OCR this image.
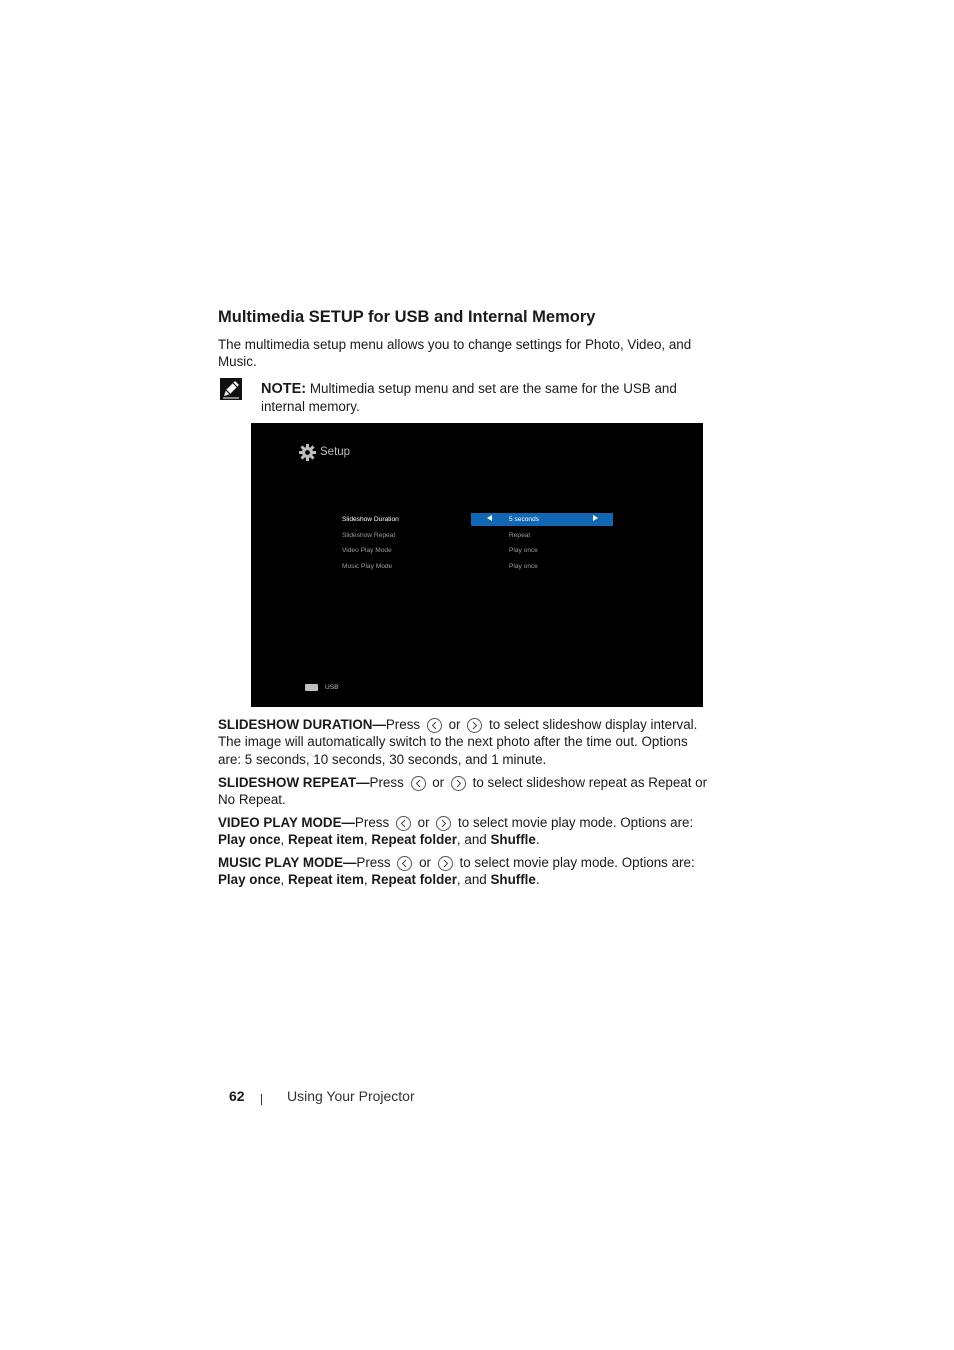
Multimedia SETUP for USB and Internal Memory
The multimedia setup menu allows you to change settings for Photo, Video, and Music.
NOTE: Multimedia setup menu and set are the same for the USB and internal memory.
Setup
Slideshow Duration	5 seconds
Slideshow Repeat	Repeat
Video Play Mode	Play once
Music Play Mode	Play once
USB
SLIDESHOW DURATION—Press or to select slideshow display interval. The image will automatically switch to the next photo after the time out. Options are: 5 seconds, 10 seconds, 30 seconds, and 1 minute.
SLIDESHOW REPEAT—Press or to select slideshow repeat as Repeat or No Repeat.
VIDEO PLAY MODE—Press or to select movie play mode. Options are: Play once, Repeat item, Repeat folder, and Shuffle.
MUSIC PLAY MODE—Press or to select movie play mode. Options are: Play once, Repeat item, Repeat folder, and Shuffle.
62	Using Your Projector
